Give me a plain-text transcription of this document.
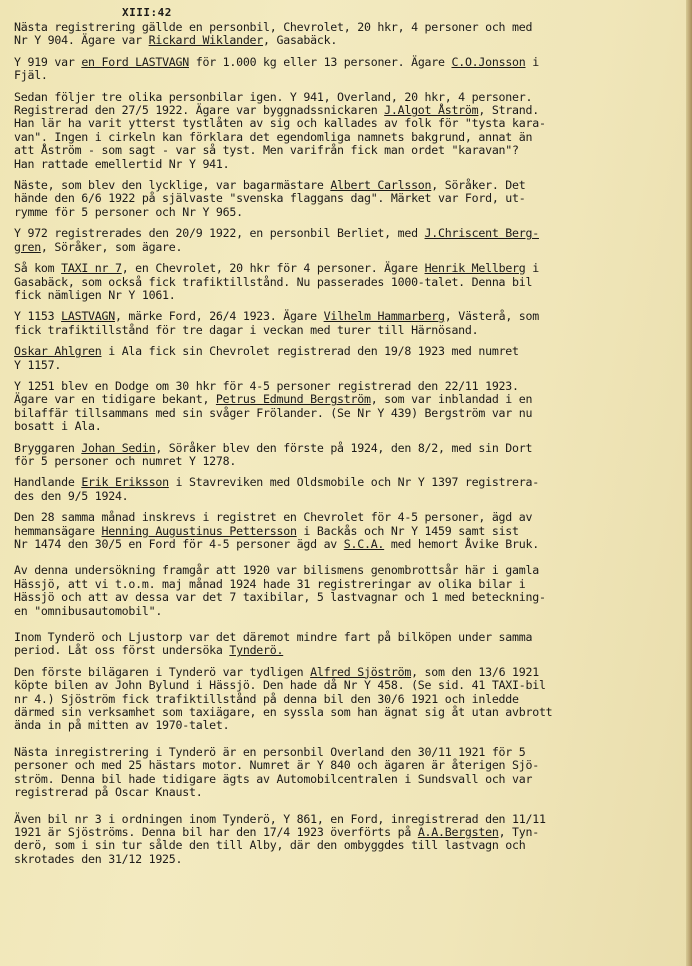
XIII:42
Nästa registrering gällde en personbil, Chevrolet, 20 hkr, 4 personer och med
Nr Y 904. Ägare var Rickard Wiklander, Gasabäck.
Y 919 var en Ford LASTVAGN för 1.000 kg eller 13 personer. Ägare C.O.Jonsson i
Fjäl.
Sedan följer tre olika personbilar igen. Y 941, Overland, 20 hkr, 4 personer.
Registrerad den 27/5 1922. Ägare var byggnadssnickaren J.Algot Åström, Strand.
Han lär ha varit ytterst tystlåten av sig och kallades av folk för "tysta kara-
van". Ingen i cirkeln kan förklara det egendomliga namnets bakgrund, annat än
att Åström - som sagt - var så tyst. Men varifrån fick man ordet "karavan"?
Han rattade emellertid Nr Y 941.
Näste, som blev den lycklige, var bagarmästare Albert Carlsson, Söråker. Det
hände den 6/6 1922 på självaste "svenska flaggans dag". Märket var Ford, ut-
rymme för 5 personer och Nr Y 965.
Y 972 registrerades den 20/9 1922, en personbil Berliet, med J.Chriscent Berg-
gren, Söråker, som ägare.
Så kom TAXI nr 7, en Chevrolet, 20 hkr för 4 personer. Ägare Henrik Mellberg i
Gasabäck, som också fick trafiktillstånd. Nu passerades 1000-talet. Denna bil
fick nämligen Nr Y 1061.
Y 1153 LASTVAGN, märke Ford, 26/4 1923. Ägare Vilhelm Hammarberg, Västerå, som
fick trafiktillstånd för tre dagar i veckan med turer till Härnösand.
Oskar Ahlgren i Ala fick sin Chevrolet registrerad den 19/8 1923 med numret
Y 1157.
Y 1251 blev en Dodge om 30 hkr för 4-5 personer registrerad den 22/11 1923.
Ägare var en tidigare bekant, Petrus Edmund Bergström, som var inblandad i en
bilaffär tillsammans med sin svåger Frölander. (Se Nr Y 439) Bergström var nu
bosatt i Ala.
Bryggaren Johan Sedin, Söråker blev den förste på 1924, den 8/2, med sin Dort
för 5 personer och numret Y 1278.
Handlande Erik Eriksson i Stavreviken med Oldsmobile och Nr Y 1397 registrera-
des den 9/5 1924.
Den 28 samma månad inskrevs i registret en Chevrolet för 4-5 personer, ägd av
hemmansägare Henning Augustinus Pettersson i Backås och Nr Y 1459 samt sist
Nr 1474 den 30/5 en Ford för 4-5 personer ägd av S.C.A. med hemort Åvike Bruk.
Av denna undersökning framgår att 1920 var bilismens genombrottsår här i gamla
Hässjö, att vi t.o.m. maj månad 1924 hade 31 registreringar av olika bilar i
Hässjö och att av dessa var det 7 taxibilar, 5 lastvagnar och 1 med beteckning-
en "omnibusautomobil".
Inom Tynderö och Ljustorp var det däremot mindre fart på bilköpen under samma
period. Låt oss först undersöka Tynderö.
Den förste bilägaren i Tynderö var tydligen Alfred Sjöström, som den 13/6 1921
köpte bilen av John Bylund i Hässjö. Den hade då Nr Y 458. (Se sid. 41 TAXI-bil
nr 4.) Sjöström fick trafiktillstånd på denna bil den 30/6 1921 och inledde
därmed sin verksamhet som taxiägare, en syssla som han ägnat sig åt utan avbrott
ända in på mitten av 1970-talet.
Nästa inregistrering i Tynderö är en personbil Overland den 30/11 1921 för 5
personer och med 25 hästars motor. Numret är Y 840 och ägaren är återigen Sjö-
ström. Denna bil hade tidigare ägts av Automobilcentralen i Sundsvall och var
registrerad på Oscar Knaust.
Även bil nr 3 i ordningen inom Tynderö, Y 861, en Ford, inregistrerad den 11/11
1921 är Sjöströms. Denna bil har den 17/4 1923 överförts på A.A.Bergsten, Tyn-
derö, som i sin tur sålde den till Alby, där den ombyggdes till lastvagn och
skrotades den 31/12 1925.
